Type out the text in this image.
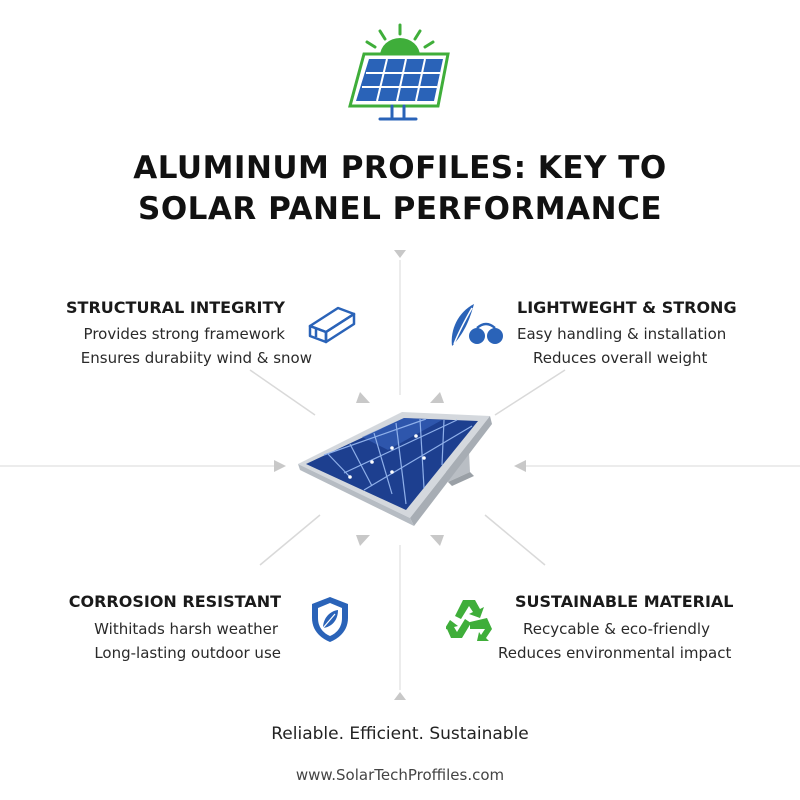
ALUMINUM PROFILES: KEY TO
SOLAR PANEL PERFORMANCE
STRUCTURAL INTEGRITY
Provides strong framework
Ensures durabiity wind & snow
LIGHTWEGHT & STRONG
Easy handling & installation
Reduces overall weight
CORROSION RESISTANT
Withitads harsh weather
Long-lasting outdoor use
SUSTAINABLE MATERIAL
Recycable & eco-friendly
Reduces environmental impact
Reliable. Efficient. Sustainable
www.SolarTechProffiles.com
